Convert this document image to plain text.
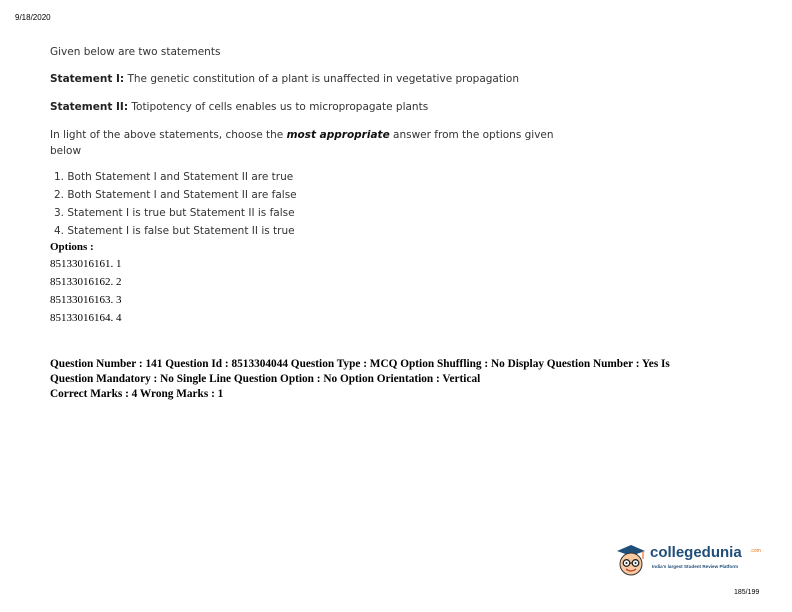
9/18/2020
Given below are two statements
Statement I: The genetic constitution of a plant is unaffected in vegetative propagation
Statement II: Totipotency of cells enables us to micropropagate plants
In light of the above statements, choose the most appropriate answer from the options given
below
1. Both Statement I and Statement II are true
2. Both Statement I and Statement II are false
3. Statement I is true but Statement II is false
4. Statement I is false but Statement II is true
Options :
85133016161. 1
85133016162. 2
85133016163. 3
85133016164. 4
Question Number : 141 Question Id : 8513304044 Question Type : MCQ Option Shuffling : No Display Question Number : Yes Is
Question Mandatory : No Single Line Question Option : No Option Orientation : Vertical
Correct Marks : 4 Wrong Marks : 1
collegedunia .com
India's largest Student Review Platform
185/199
